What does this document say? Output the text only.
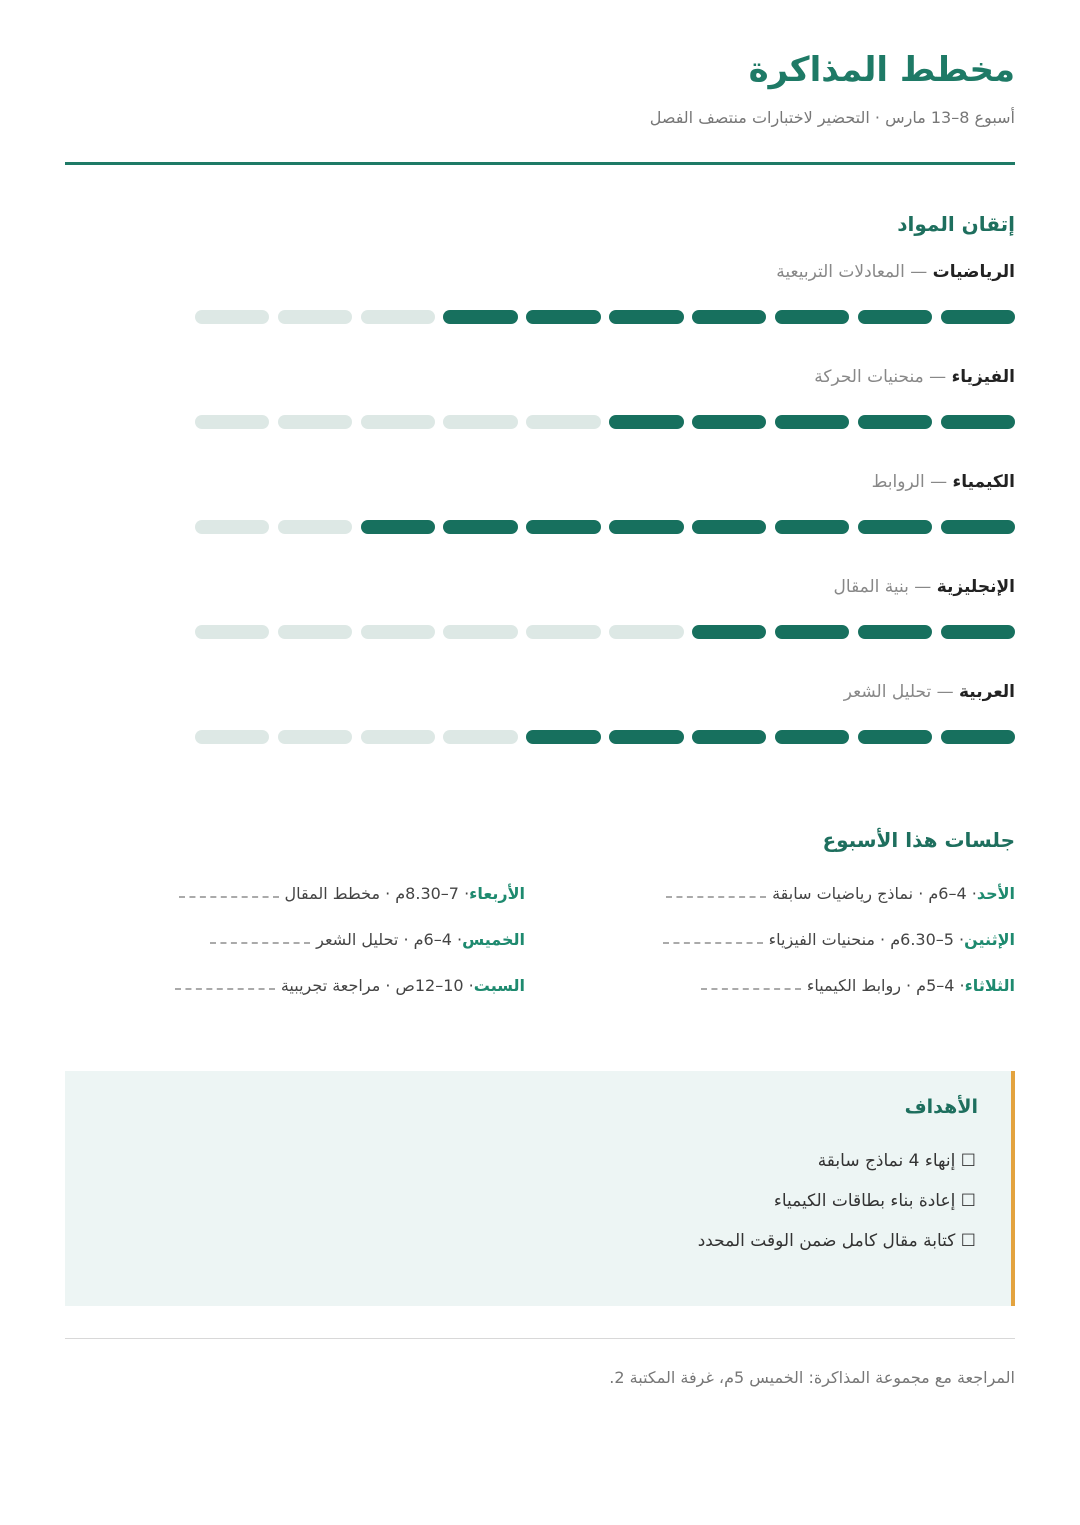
مخطط المذاكرة
أسبوع 8–13 مارس · التحضير لاختبارات منتصف الفصل
إتقان المواد
الرياضيات — المعادلات التربيعية
الفيزياء — منحنيات الحركة
الكيمياء — الروابط
الإنجليزية — بنية المقال
العربية — تحليل الشعر
جلسات هذا الأسبوع
الأحد
· 4–6م · نماذج رياضيات سابقة
الإثنين
· 5–6.30م · منحنيات الفيزياء
الثلاثاء
· 4–5م · روابط الكيمياء
الأربعاء
· 7–8.30م · مخطط المقال
الخميس
· 4–6م · تحليل الشعر
السبت
· 10–12ص · مراجعة تجريبية
الأهداف
☐ إنهاء 4 نماذج سابقة
☐ إعادة بناء بطاقات الكيمياء
☐ كتابة مقال كامل ضمن الوقت المحدد
المراجعة مع مجموعة المذاكرة: الخميس 5م، غرفة المكتبة 2.
